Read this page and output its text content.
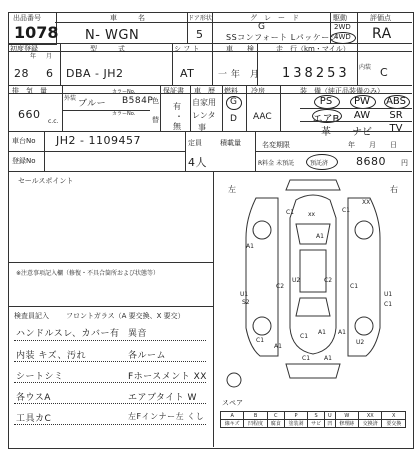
出品番号
1078
車　　　名
N- WGN
ドア形状
5
グ　レ　ー　ド
G
SSコンフォート Lパッケージ
駆動
2WD
4WD
評価点
RA
初度登録
年 月
28 6
型　　　式
DBA - JH2
シ フ ト
AT
車　　検
一 年　月
走　行（km・マイル）
138253 内装 C
排　気　量
660
c.c.
外装
ブルー
カラーNo.
B584P
カラーNo.
色
替
保証書
有
・
無
車　歴
自家用
レンタ
事
燃料
G
D
冷房
AAC
装　備（純正品装備のみ）
PS	PW	ABS
エアB	AW	SR
革	ナビ	TV
車台No JH2 - 1109457	定員
4人
積載量	名変期限	年　　月　　日
R料金 未預託	預託済	8680 円
登録No
セールスポイント
※注意事項記入欄（修復・不具合箇所および状態等）
検査員記入 フロントガラス（A 要交換、X 要交）
ハンドルスレ、カバー有
内装 キズ、汚れ
シートシミ
各ウスA
工具カC
異音
各ルーム
Fホースメント XX
エアブタイト W
左Fインナー左 くし
左	右
xx
A1
C1
XX
C1
A1
C2
U2	C2
C1
U1
S2
U1
C1
C1
A1
U2
A1
A1
C1
A1
C1
スペア
A	B	C	P	S	U	W	XX	X
線キズ	凹程度	腐食	塗装剥	サビ	凹	修理跡	交換済	要交換
